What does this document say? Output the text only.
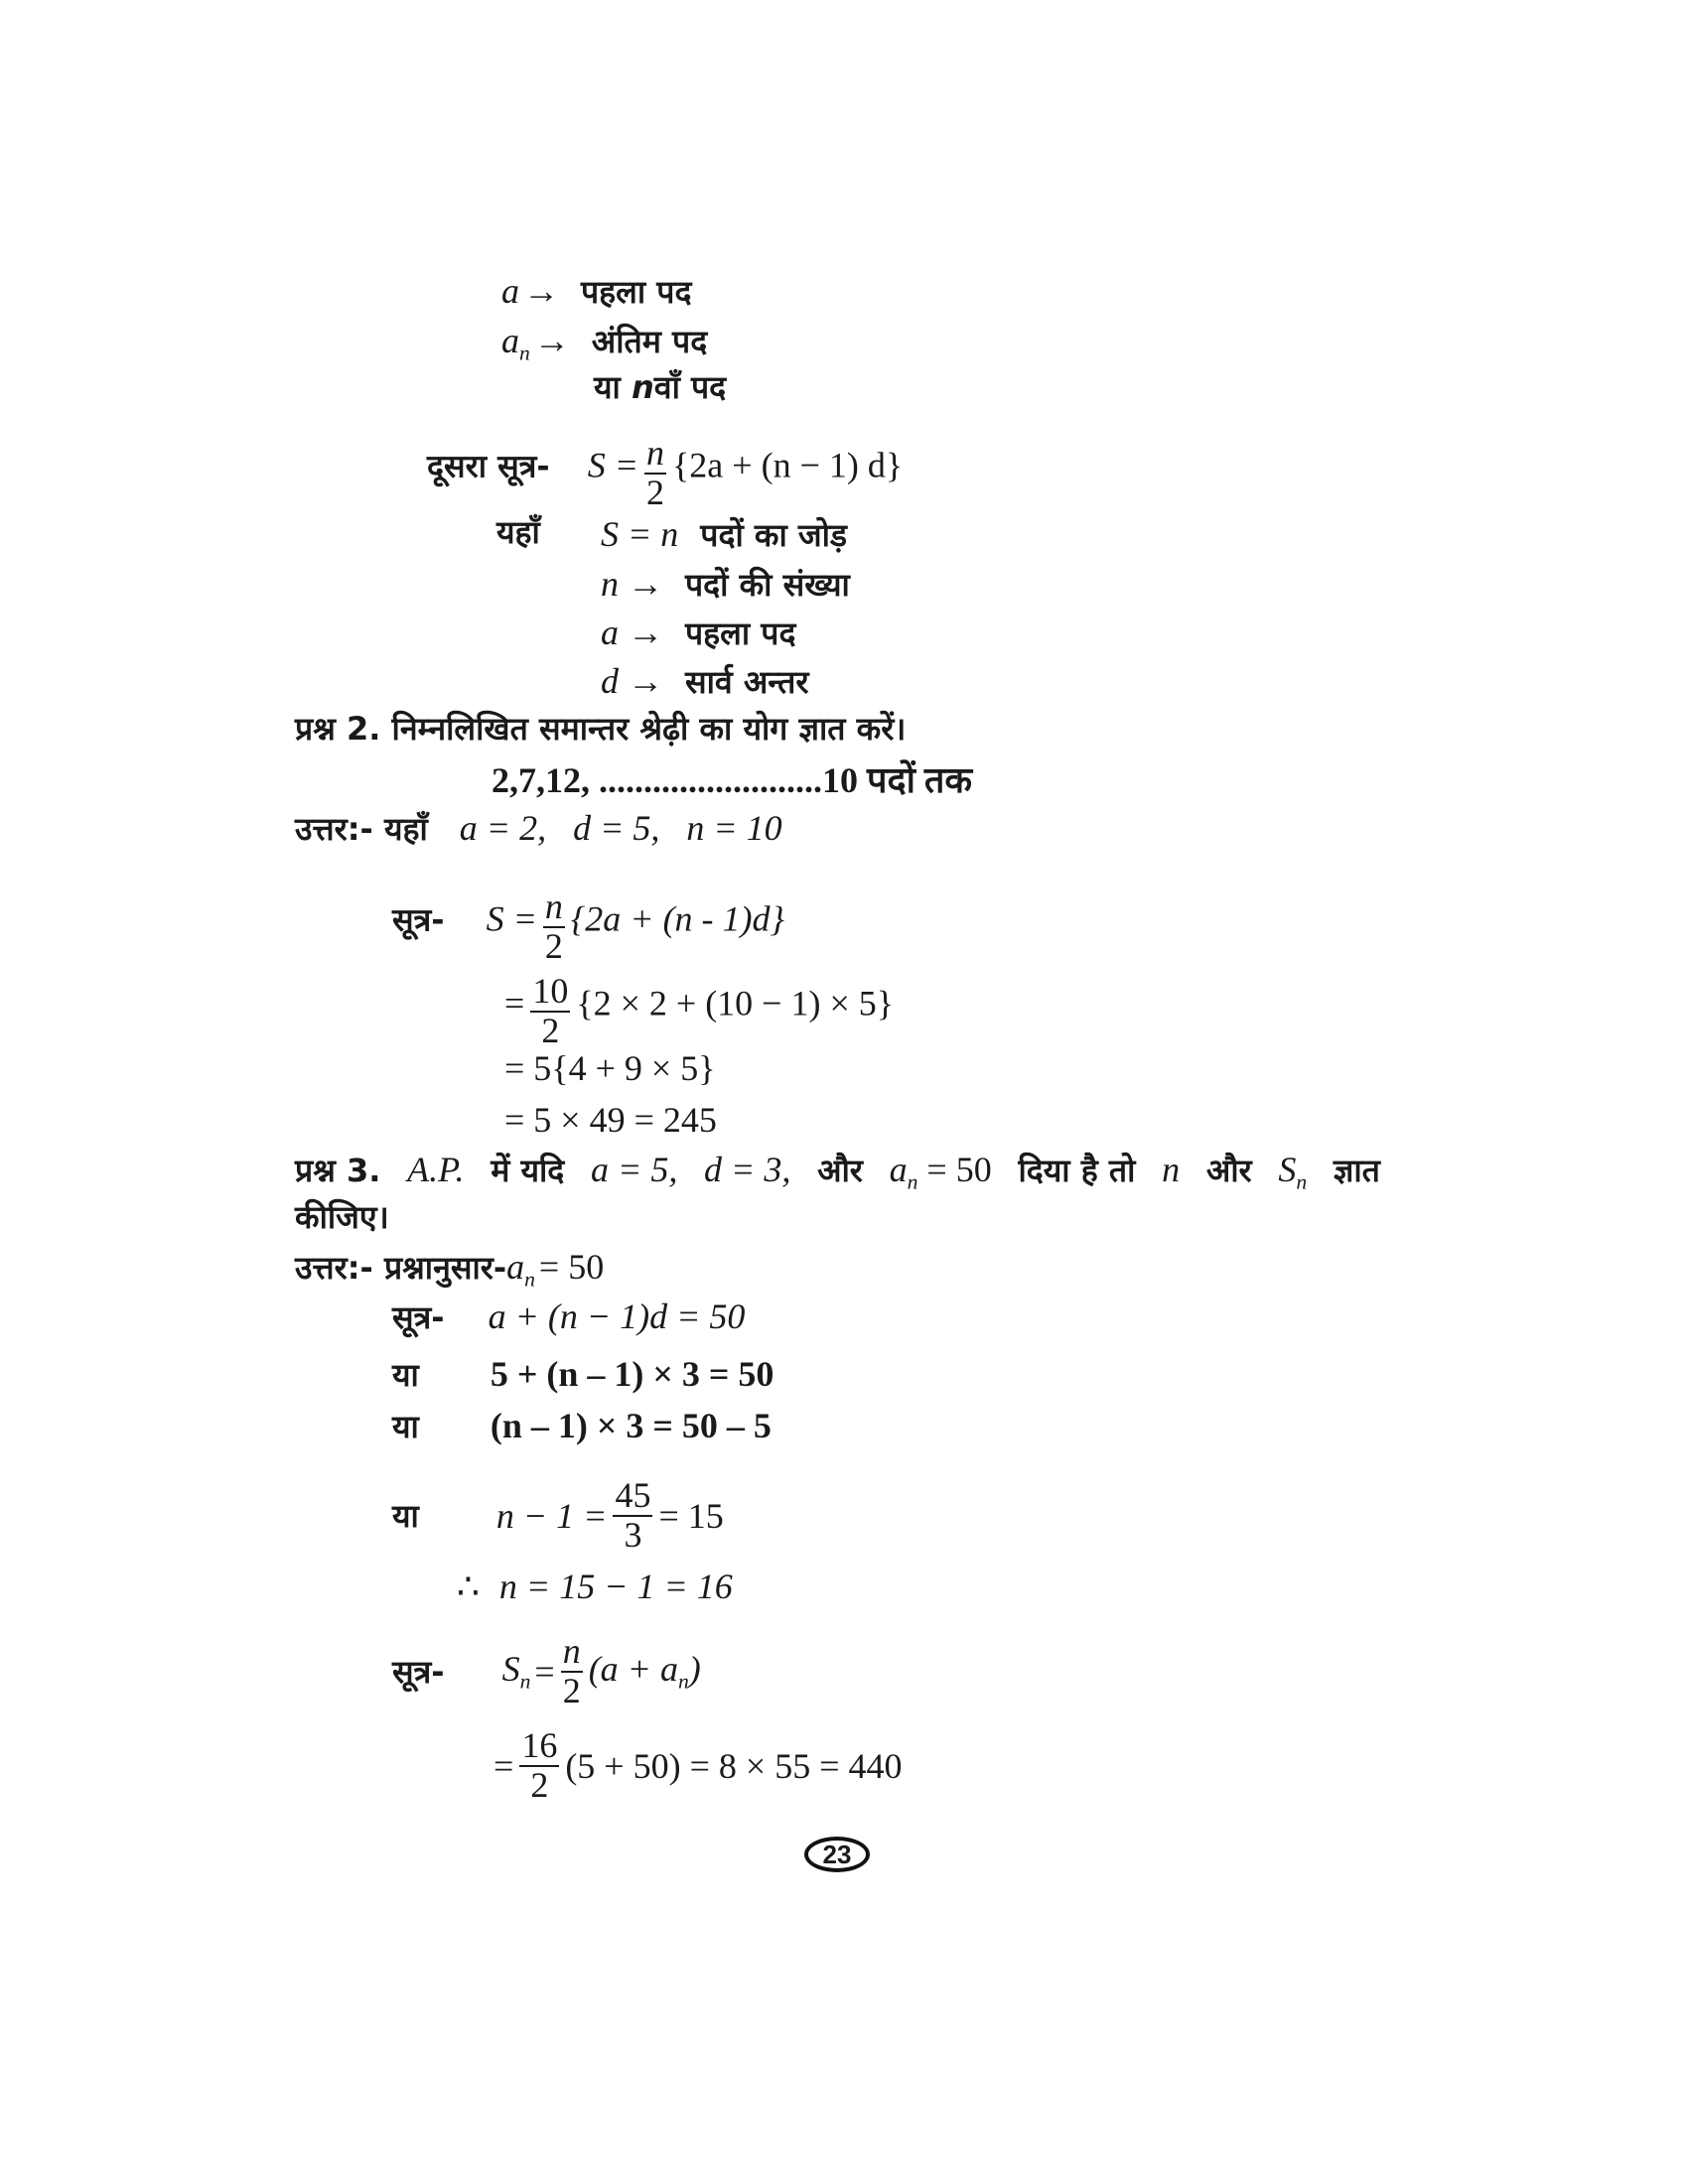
a → पहला पद
$a_n$ → अंतिम पद
या nवाँ पद
दूसरा सूत्र- $S = \frac{n}{2} \{2a + (n - 1)$ d}
यहाँ S = n पदों का जोड़
n → पदों की संख्या
a → पहला पद
d → सार्व अन्तर
प्रश्न 2. निम्नलिखित समान्तर श्रेढ़ी का योग ज्ञात करें।
2,7,12, .........................10 पदों तक
उत्तर:- यहाँ a = 2,   d = 5,   n = 10
सूत्र- $S = \frac{n}{2} \{2a + (n - 1)d\}$
= $\frac{10}{2} \{2 \times 2 + (10 - 1) \times 5\}$
= 5{4 + 9 × 5}
= 5 × 49 = 245
प्रश्न 3. A.P. में यदि a = 5, d = 3, और $a_n = 50$ दिया है तो n और $S_n$ ज्ञात
कीजिए।
उत्तर:- $प्रश्नानुसार-a_n = 50$
सूत्र- a + (n − 1)d = 50
या 5 + (n – 1) × 3 = 50
या (n – 1) × 3 = 50 – 5
या $n - 1 = \frac{45}{3} = 15$
∴ n = 15 − 1 = 16
सूत्र- $S_n = \frac{n}{2} (a + a_n)$
= $\frac{16}{2} (5 + 50) = 8 \times 55 = 440$
23
